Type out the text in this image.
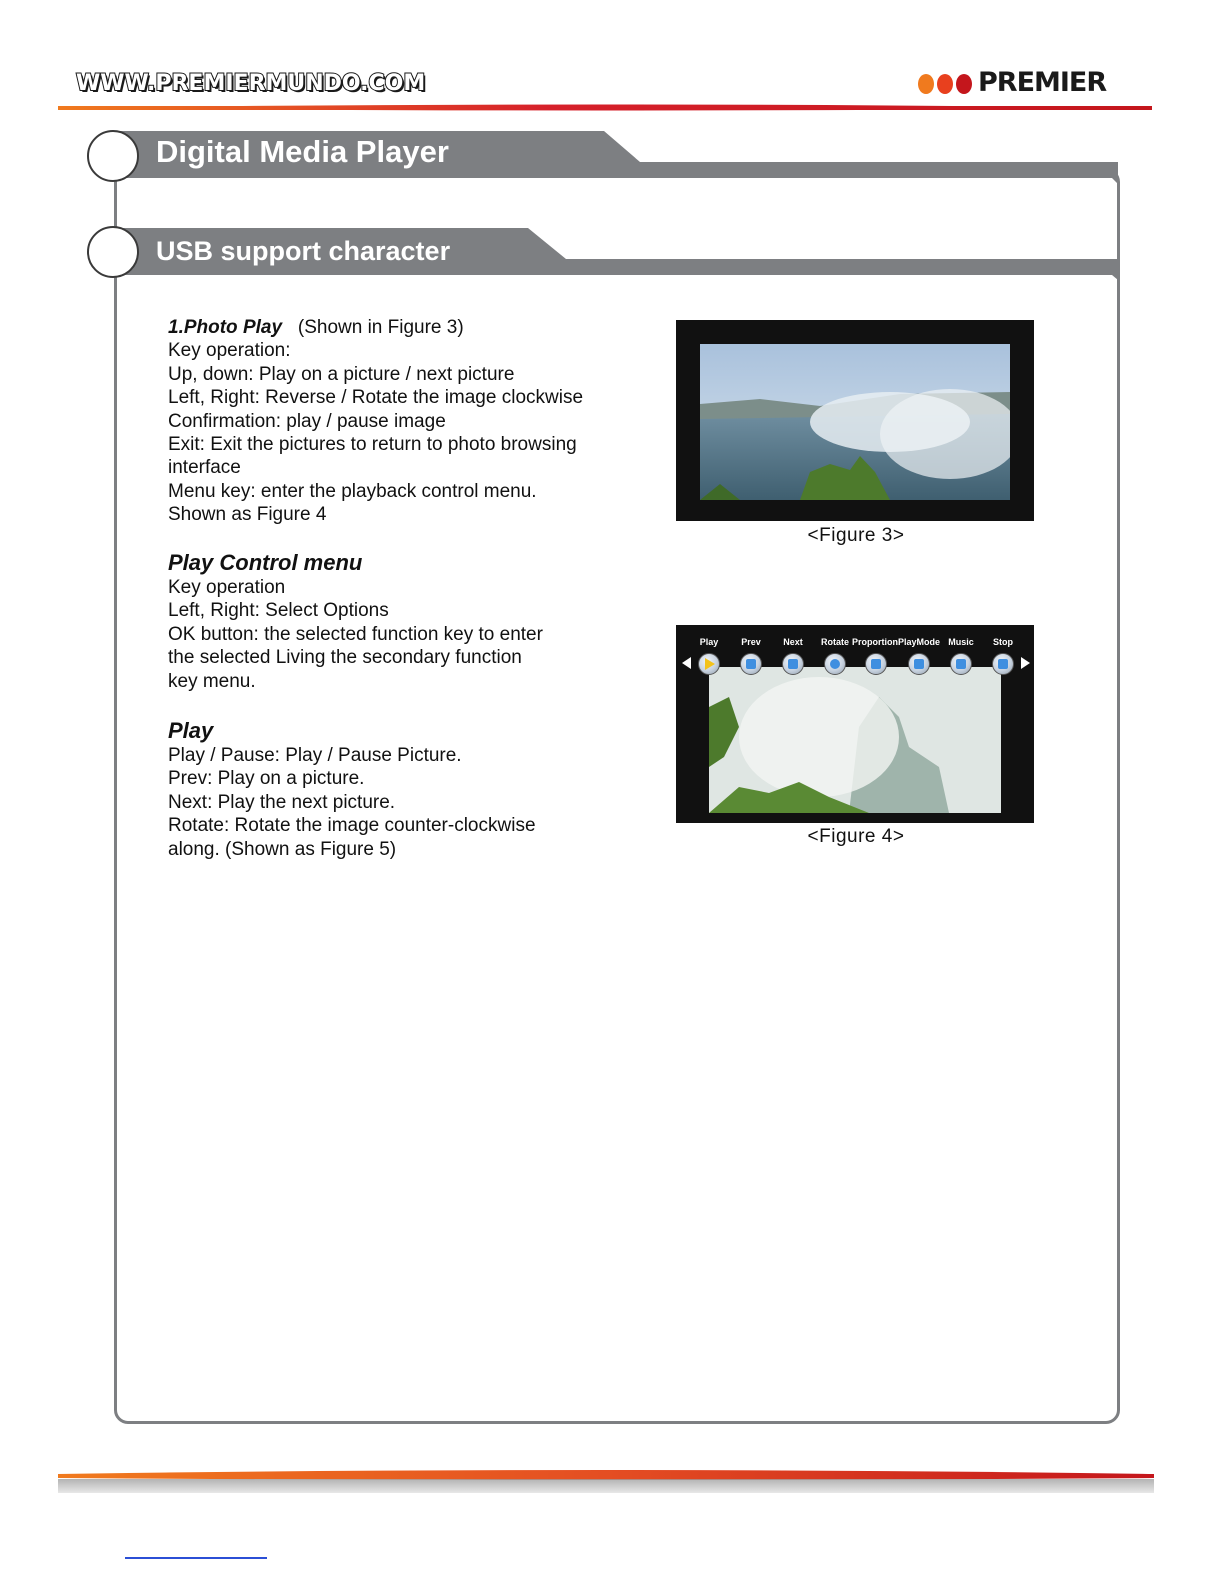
WWW.PREMIERMUNDO.COM	PREMIER
Digital Media Player
USB support character
1.Photo Play (Shown in Figure 3)
Key operation:
Up, down: Play on a picture / next picture
Left, Right: Reverse / Rotate the image clockwise
Confirmation: play / pause image
Exit: Exit the pictures to return to photo browsing
interface
Menu key: enter the playback control menu.
Shown as Figure 4
Play Control menu
Key operation
Left, Right: Select Options
OK button: the selected function key to enter
the selected Living the secondary function
key menu.
Play
Play / Pause: Play / Pause Picture.
Prev: Play on a picture.
Next: Play the next picture.
Rotate: Rotate the image counter-clockwise
along. (Shown as Figure 5)
<Figure 3>
Play	Prev	Next	Rotate Proportion PlayMode Music	Stop
<Figure 4>
